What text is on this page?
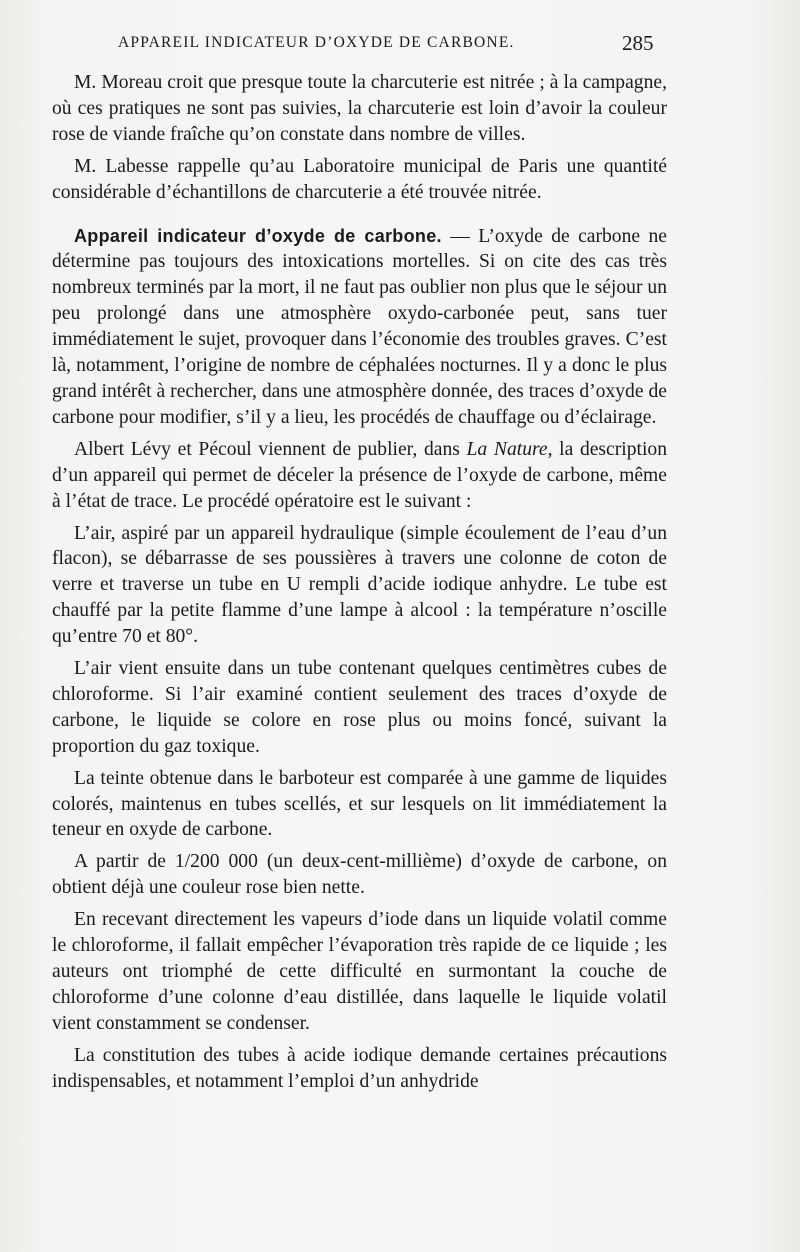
APPAREIL INDICATEUR D’OXYDE DE CARBONE.	285

M. Moreau croit que presque toute la charcuterie est nitrée ; à la campagne, où ces pratiques ne sont pas suivies, la charcuterie est loin d’avoir la couleur rose de viande fraîche qu’on constate dans nombre de villes.

M. Labesse rappelle qu’au Laboratoire municipal de Paris une quantité considérable d’échantillons de charcuterie a été trouvée nitrée.

Appareil indicateur d’oxyde de carbone. — L’oxyde de carbone ne détermine pas toujours des intoxications mortelles. Si on cite des cas très nombreux terminés par la mort, il ne faut pas oublier non plus que le séjour un peu prolongé dans une atmosphère oxydo-carbonée peut, sans tuer immédiatement le sujet, provoquer dans l’économie des troubles graves. C’est là, notamment, l’origine de nombre de céphalées nocturnes. Il y a donc le plus grand intérêt à rechercher, dans une atmosphère donnée, des traces d’oxyde de carbone pour modifier, s’il y a lieu, les procédés de chauffage ou d’éclairage.

Albert Lévy et Pécoul viennent de publier, dans La Nature, la description d’un appareil qui permet de déceler la présence de l’oxyde de carbone, même à l’état de trace. Le procédé opératoire est le suivant :

L’air, aspiré par un appareil hydraulique (simple écoulement de l’eau d’un flacon), se débarrasse de ses poussières à travers une colonne de coton de verre et traverse un tube en U rempli d’acide iodique anhydre. Le tube est chauffé par la petite flamme d’une lampe à alcool : la température n’oscille qu’entre 70 et 80°.

L’air vient ensuite dans un tube contenant quelques centimètres cubes de chloroforme. Si l’air examiné contient seulement des traces d’oxyde de carbone, le liquide se colore en rose plus ou moins foncé, suivant la proportion du gaz toxique.

La teinte obtenue dans le barboteur est comparée à une gamme de liquides colorés, maintenus en tubes scellés, et sur lesquels on lit immédiatement la teneur en oxyde de carbone.

A partir de 1/200 000 (un deux-cent-millième) d’oxyde de carbone, on obtient déjà une couleur rose bien nette.

En recevant directement les vapeurs d’iode dans un liquide volatil comme le chloroforme, il fallait empêcher l’évaporation très rapide de ce liquide ; les auteurs ont triomphé de cette difficulté en surmontant la couche de chloroforme d’une colonne d’eau distillée, dans laquelle le liquide volatil vient constamment se condenser.

La constitution des tubes à acide iodique demande certaines précautions indispensables, et notamment l’emploi d’un anhydride
